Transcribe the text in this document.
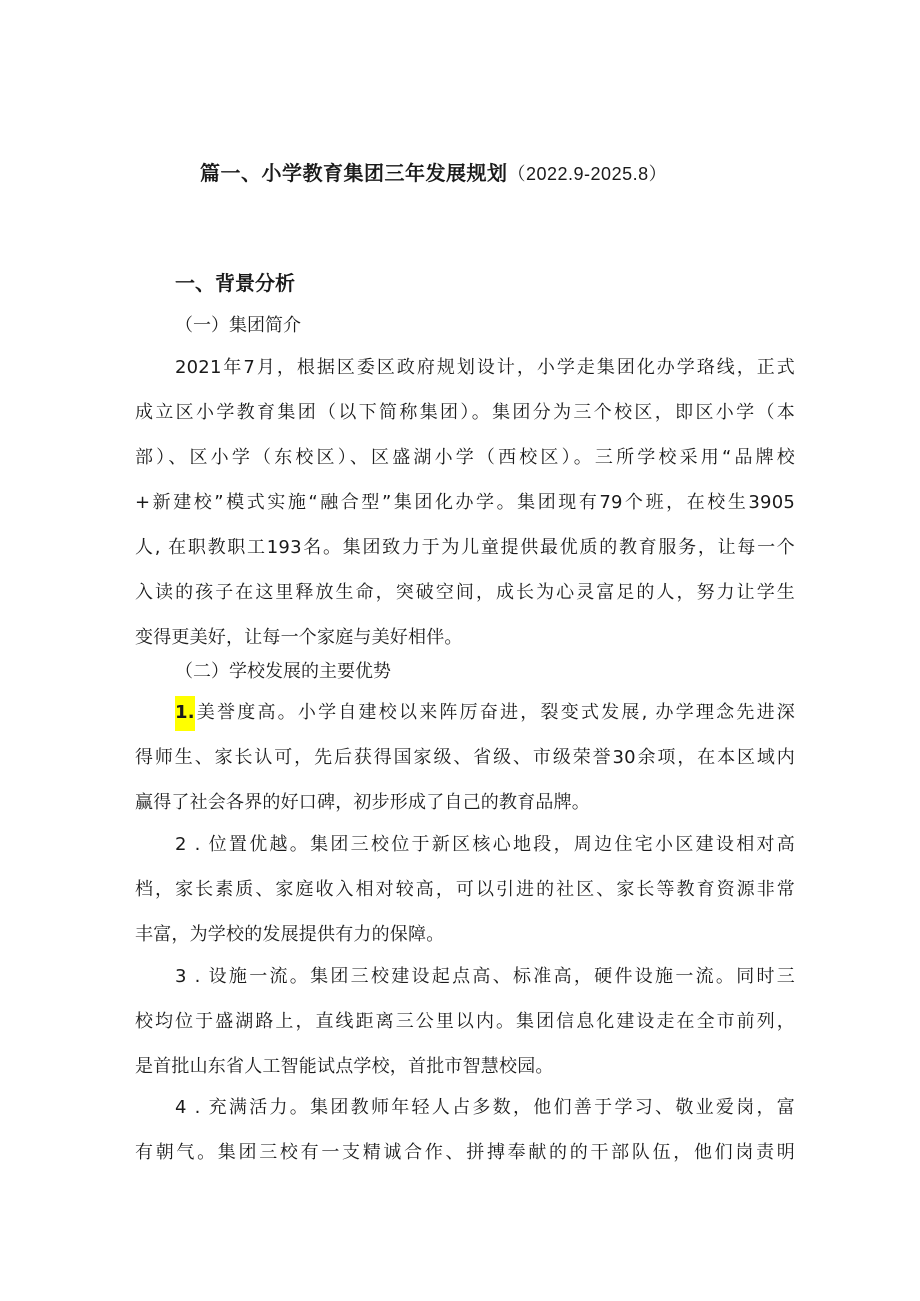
篇一、小学教育集团三年发展规划（2022.9-2025.8）
一、背景分析
（一）集团简介
2021年7月，根据区委区政府规划设计，小学走集团化办学珞线，正式
成立区小学教育集团（以下简称集团）。集团分为三个校区，即区小学（本
部）、区小学（东校区）、区盛湖小学（西校区）。三所学校采用“品牌校
+新建校”模式实施“融合型”集团化办学。集团现有79个班，在校生3905
人, 在职教职工193名。集团致力于为儿童提供最优质的教育服务，让每一个
入读的孩子在这里释放生命，突破空间，成长为心灵富足的人，努力让学生
变得更美好，让每一个家庭与美好相伴。
（二）学校发展的主要优势
1.美誉度高。小学自建校以来阵厉奋进，裂变式发展, 办学理念先进深
得师生、家长认可，先后获得国家级、省级、市级荣誉30余项，在本区域内
赢得了社会各界的好口碑，初步形成了自己的教育品牌。
2 . 位置优越。集团三校位于新区核心地段，周边住宅小区建设相对高
档，家长素质、家庭收入相对较高，可以引进的社区、家长等教育资源非常
丰富，为学校的发展提供有力的保障。
3 . 设施一流。集团三校建设起点高、标准高，硬件设施一流。同时三
校均位于盛湖路上，直线距离三公里以内。集团信息化建设走在全市前列，
是首批山东省人工智能试点学校，首批市智慧校园。
4 . 充满活力。集团教师年轻人占多数，他们善于学习、敬业爱岗，富
有朝气。集团三校有一支精诚合作、拼搏奉献的的干部队伍，他们岗责明
